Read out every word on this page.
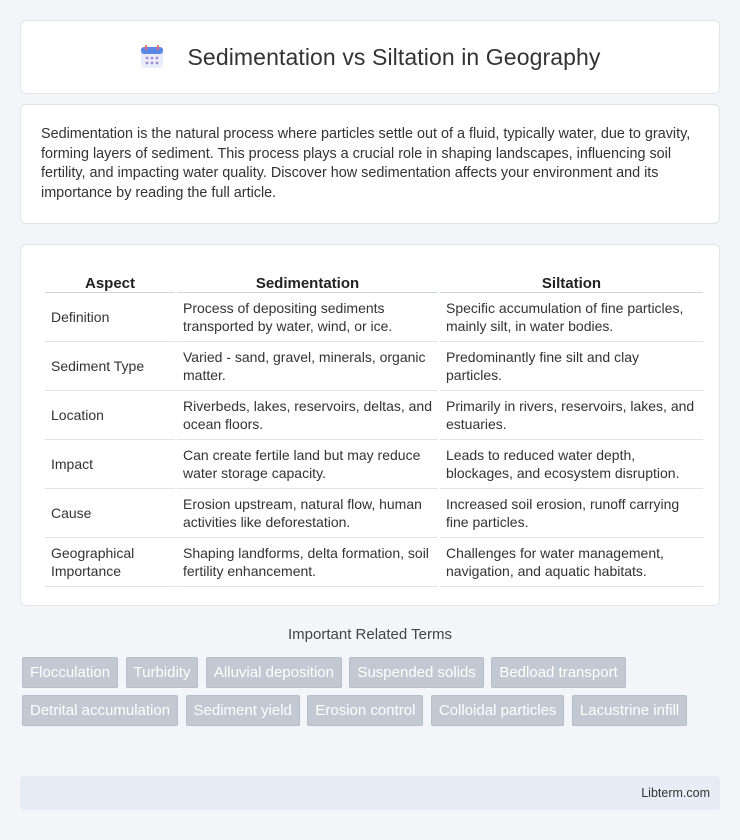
Sedimentation vs Siltation in Geography

Sedimentation is the natural process where particles settle out of a fluid, typically water, due to gravity, forming layers of sediment. This process plays a crucial role in shaping landscapes, influencing soil fertility, and impacting water quality. Discover how sedimentation affects your environment and its importance by reading the full article.

Aspect	Sedimentation	Siltation
Definition	Process of depositing sediments transported by water, wind, or ice.	Specific accumulation of fine particles, mainly silt, in water bodies.
Sediment Type	Varied - sand, gravel, minerals, organic matter.	Predominantly fine silt and clay particles.
Location	Riverbeds, lakes, reservoirs, deltas, and ocean floors.	Primarily in rivers, reservoirs, lakes, and estuaries.
Impact	Can create fertile land but may reduce water storage capacity.	Leads to reduced water depth, blockages, and ecosystem disruption.
Cause	Erosion upstream, natural flow, human activities like deforestation.	Increased soil erosion, runoff carrying fine particles.
Geographical Importance	Shaping landforms, delta formation, soil fertility enhancement.	Challenges for water management, navigation, and aquatic habitats.
Important Related Terms
Flocculation Turbidity Alluvial deposition Suspended solids Bedload transport Detrital accumulation Sediment yield Erosion control Colloidal particles Lacustrine infill
Libterm.com
